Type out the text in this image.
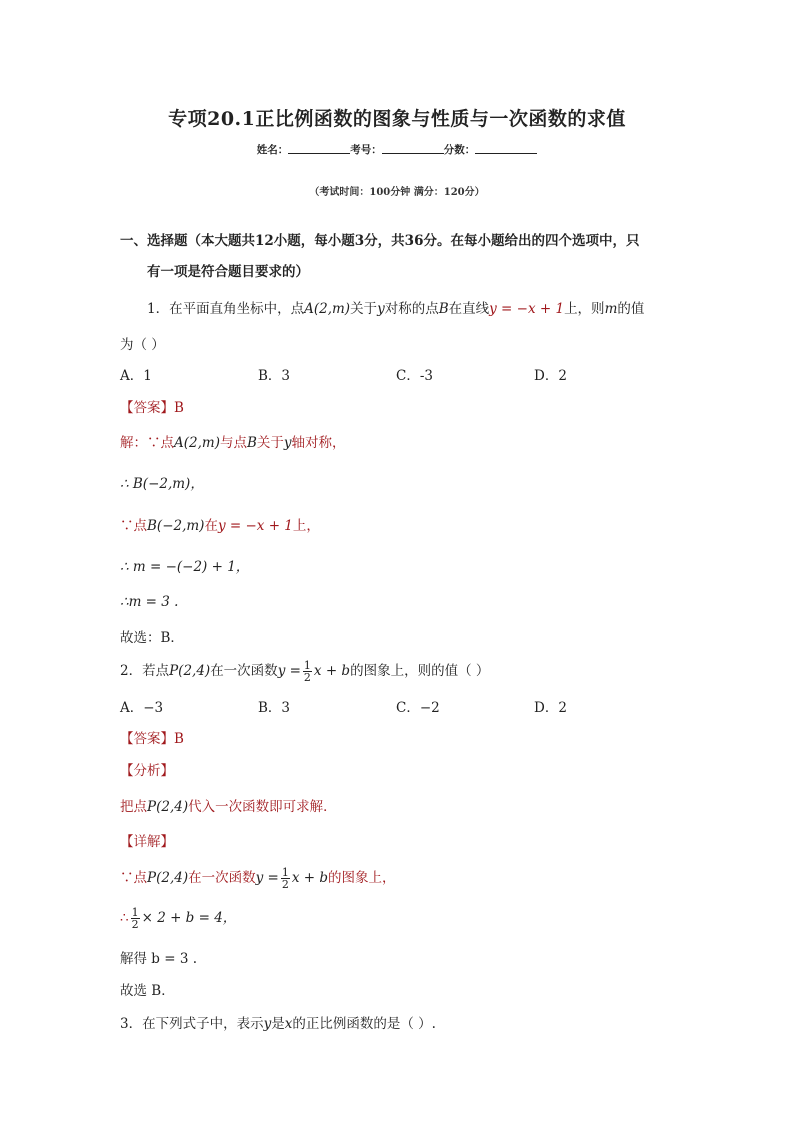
专项20.1正比例函数的图象与性质与一次函数的求值
姓名：	考号：	分数：
（考试时间：100分钟 满分：120分）
一、选择题（本大题共12小题，每小题3分，共36分。在每小题给出的四个选项中，只
有一项是符合题目要求的）
1．在平面直角坐标中，点A(2,m)关于y对称的点B在直线y = −x + 1上，则m的值
为（ ）
A．1	B．3	C．-3	D．2
【答案】B
解：∵点A(2,m)与点B关于y轴对称，
∴ B(−2,m)，
∵点B(−2,m)在y = −x + 1上，
∴ m = −(−2) + 1，
∴m = 3 .
故选：B．
2．若点P(2,4)在一次函数$y = \frac{1}{2}$ x + b的图象上，则的值（ ）
A．−3	B．3	C．−2	D．2
【答案】B
【分析】
把点P(2,4)代入一次函数即可求解．
【详解】
∵点P(2,4)在一次函数$y = \frac{1}{2}$ x + b的图象上，
∴ $\frac{1}{2} \times 2 + b = 4$，
解得 b = 3 .
故选 B．
3．在下列式子中，表示y是x的正比例函数的是（ ）.
